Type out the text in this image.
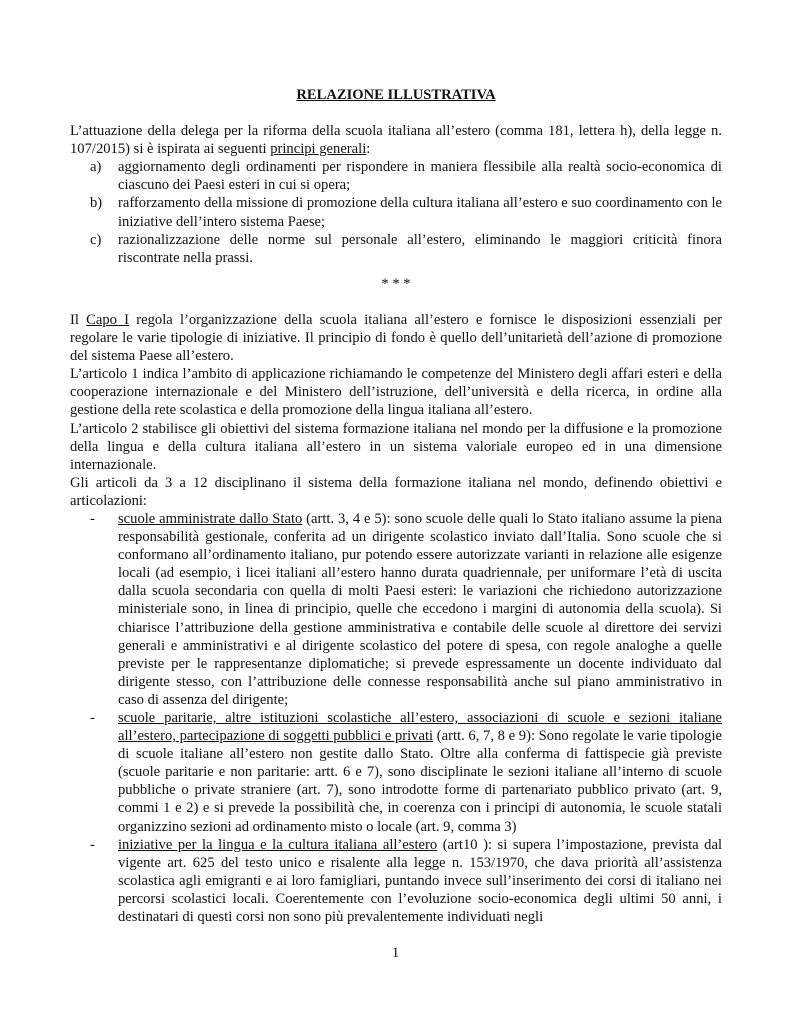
RELAZIONE ILLUSTRATIVA

L’attuazione della delega per la riforma della scuola italiana all’estero (comma 181, lettera h), della legge n. 107/2015) si è ispirata ai seguenti principi generali:

a) aggiornamento degli ordinamenti per rispondere in maniera flessibile alla realtà socio-economica di ciascuno dei Paesi esteri in cui si opera;
b) rafforzamento della missione di promozione della cultura italiana all’estero e suo coordinamento con le iniziative dell’intero sistema Paese;
c) razionalizzazione delle norme sul personale all’estero, eliminando le maggiori criticità finora riscontrate nella prassi.
* * *

Il Capo I regola l’organizzazione della scuola italiana all’estero e fornisce le disposizioni essenziali per regolare le varie tipologie di iniziative. Il principio di fondo è quello dell’unitarietà dell’azione di promozione del sistema Paese all’estero.

L’articolo 1 indica l’ambito di applicazione richiamando le competenze del Ministero degli affari esteri e della cooperazione internazionale e del Ministero dell’istruzione, dell’università e della ricerca, in ordine alla gestione della rete scolastica e della promozione della lingua italiana all’estero.

L’articolo 2 stabilisce gli obiettivi del sistema formazione italiana nel mondo per la diffusione e la promozione della lingua e della cultura italiana all’estero in un sistema valoriale europeo ed in una dimensione internazionale.

Gli articoli da 3 a 12 disciplinano il sistema della formazione italiana nel mondo, definendo obiettivi e articolazioni:

- scuole amministrate dallo Stato (artt. 3, 4 e 5): sono scuole delle quali lo Stato italiano assume la piena responsabilità gestionale, conferita ad un dirigente scolastico inviato dall’Italia. Sono scuole che si conformano all’ordinamento italiano, pur potendo essere autorizzate varianti in relazione alle esigenze locali (ad esempio, i licei italiani all’estero hanno durata quadriennale, per uniformare l’età di uscita dalla scuola secondaria con quella di molti Paesi esteri: le variazioni che richiedono autorizzazione ministeriale sono, in linea di principio, quelle che eccedono i margini di autonomia della scuola). Si chiarisce l’attribuzione della gestione amministrativa e contabile delle scuole al direttore dei servizi generali e amministrativi e al dirigente scolastico del potere di spesa, con regole analoghe a quelle previste per le rappresentanze diplomatiche; si prevede espressamente un docente individuato dal dirigente stesso, con l’attribuzione delle connesse responsabilità anche sul piano amministrativo in caso di assenza del dirigente;
- scuole paritarie, altre istituzioni scolastiche all’estero, associazioni di scuole e sezioni italiane all’estero, partecipazione di soggetti pubblici e privati (artt. 6, 7, 8 e 9): Sono regolate le varie tipologie di scuole italiane all’estero non gestite dallo Stato. Oltre alla conferma di fattispecie già previste (scuole paritarie e non paritarie: artt. 6 e 7), sono disciplinate le sezioni italiane all’interno di scuole pubbliche o private straniere (art. 7), sono introdotte forme di partenariato pubblico privato (art. 9, commi 1 e 2) e si prevede la possibilità che, in coerenza con i principi di autonomia, le scuole statali organizzino sezioni ad ordinamento misto o locale (art. 9, comma 3)
- iniziative per la lingua e la cultura italiana all’estero (art10 ): si supera l’impostazione, prevista dal vigente art. 625 del testo unico e risalente alla legge n. 153/1970, che dava priorità all’assistenza scolastica agli emigranti e ai loro famigliari, puntando invece sull’inserimento dei corsi di italiano nei percorsi scolastici locali. Coerentemente con l’evoluzione socio-economica degli ultimi 50 anni, i destinatari di questi corsi non sono più prevalentemente individuati negli
1
